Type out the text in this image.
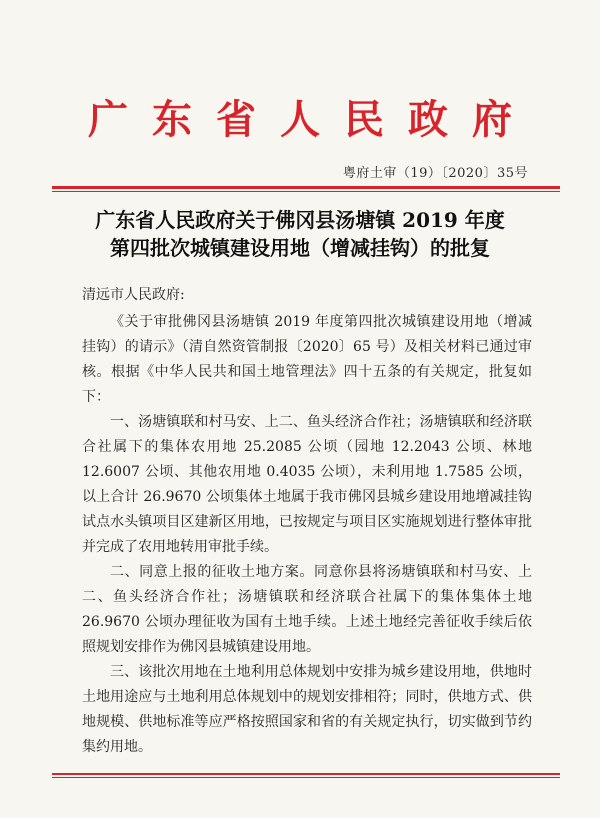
广东省人民政府
粤府土审（19）〔2020〕35号
广东省人民政府关于佛冈县汤塘镇 2019 年度
第四批次城镇建设用地（增减挂钩）的批复

清远市人民政府:

《关于审批佛冈县汤塘镇 2019 年度第四批次城镇建设用地（增减挂钩）的请示》（清自然资管制报〔2020〕65 号）及相关材料已通过审核。根据《中华人民共和国土地管理法》四十五条的有关规定，批复如下：

一、汤塘镇联和村马安、上二、鱼头经济合作社；汤塘镇联和经济联合社属下的集体农用地 25.2085 公顷（园地 12.2043 公顷、林地 12.6007 公顷、其他农用地 0.4035 公顷），未利用地 1.7585 公顷，以上合计 26.9670 公顷集体土地属于我市佛冈县城乡建设用地增减挂钩试点水头镇项目区建新区用地，已按规定与项目区实施规划进行整体审批并完成了农用地转用审批手续。

二、同意上报的征收土地方案。同意你县将汤塘镇联和村马安、上二、鱼头经济合作社；汤塘镇联和经济联合社属下的集体集体土地 26.9670 公顷办理征收为国有土地手续。上述土地经完善征收手续后依照规划安排作为佛冈县城镇建设用地。

三、该批次用地在土地利用总体规划中安排为城乡建设用地，供地时土地用途应与土地利用总体规划中的规划安排相符；同时，供地方式、供地规模、供地标准等应严格按照国家和省的有关规定执行，切实做到节约集约用地。
